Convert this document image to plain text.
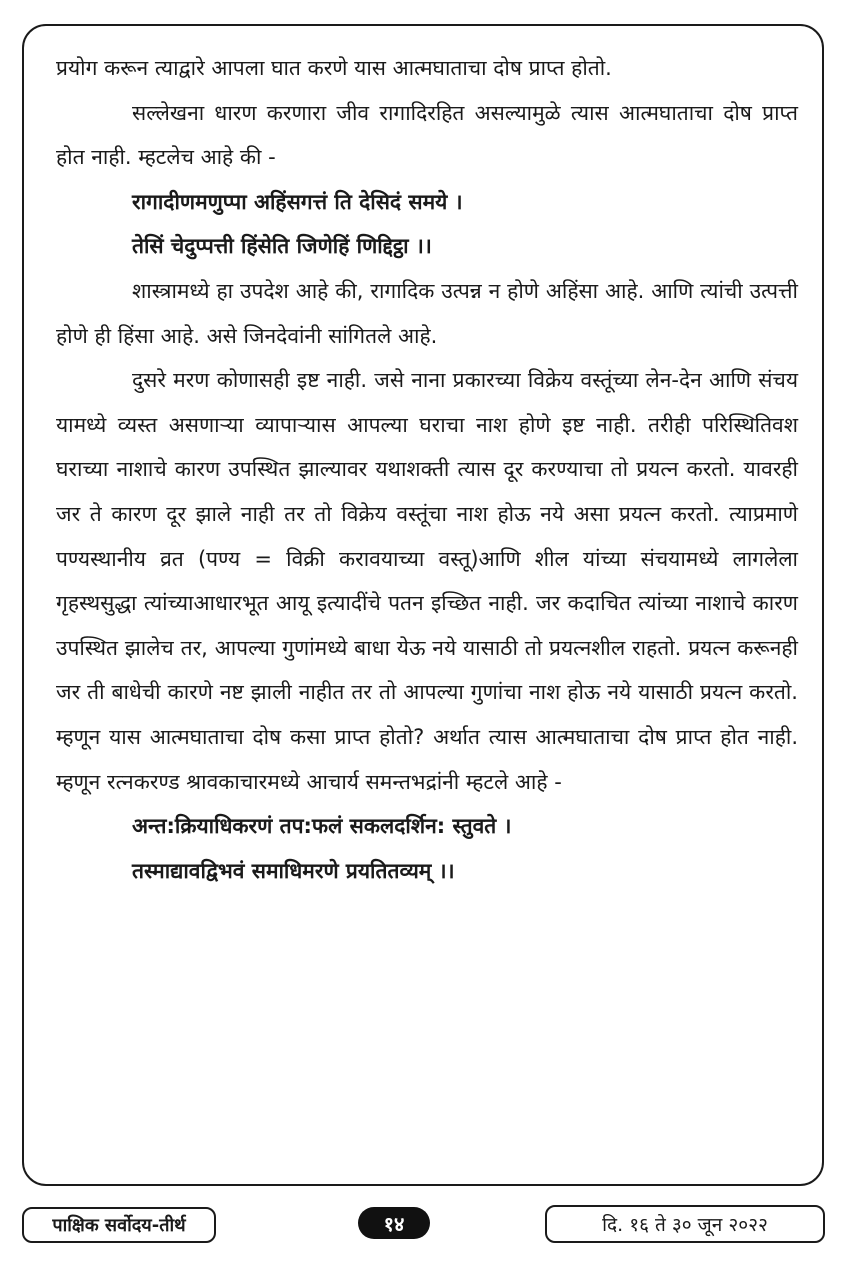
प्रयोग करून त्याद्वारे आपला घात करणे यास आत्मघाताचा दोष प्राप्त होतो.

सल्लेखना धारण करणारा जीव रागादिरहित असल्यामुळे त्यास आत्मघाताचा दोष प्राप्त होत नाही. म्हटलेच आहे की -

रागादीणमणुप्पा अहिंसगत्तं ति देसिदं समये ।

तेसिं चेदुप्पत्ती हिंसेति जिणेहिं णिद्दिट्ठा ।।

शास्त्रामध्ये हा उपदेश आहे की, रागादिक उत्पन्न न होणे अहिंसा आहे. आणि त्यांची उत्पत्ती होणे ही हिंसा आहे. असे जिनदेवांनी सांगितले आहे.

दुसरे मरण कोणासही इष्ट नाही. जसे नाना प्रकारच्या विक्रेय वस्तूंच्या लेन-देन आणि संचय यामध्ये व्यस्त असणाऱ्या व्यापाऱ्यास आपल्या घराचा नाश होणे इष्ट नाही. तरीही परिस्थितिवश घराच्या नाशाचे कारण उपस्थित झाल्यावर यथाशक्ती त्यास दूर करण्याचा तो प्रयत्न करतो. यावरही जर ते कारण दूर झाले नाही तर तो विक्रेय वस्तूंचा नाश होऊ नये असा प्रयत्न करतो. त्याप्रमाणे पण्यस्थानीय व्रत (पण्य = विक्री करावयाच्या वस्तू)आणि शील यांच्या संचयामध्ये लागलेला गृहस्थसुद्धा त्यांच्याआधारभूत आयू इत्यादींचे पतन इच्छित नाही. जर कदाचित त्यांच्या नाशाचे कारण उपस्थित झालेच तर, आपल्या गुणांमध्ये बाधा येऊ नये यासाठी तो प्रयत्नशील राहतो. प्रयत्न करूनही जर ती बाधेची कारणे नष्ट झाली नाहीत तर तो आपल्या गुणांचा नाश होऊ नये यासाठी प्रयत्न करतो. म्हणून यास आत्मघाताचा दोष कसा प्राप्त होतो? अर्थात त्यास आत्मघाताचा दोष प्राप्त होत नाही. म्हणून रत्नकरण्ड श्रावकाचारमध्ये आचार्य समन्तभद्रांनी म्हटले आहे -

अन्त:क्रियाधिकरणं तप:फलं सकलदर्शिन: स्तुवते ।

तस्माद्यावद्विभवं समाधिमरणे प्रयतितव्यम् ।।

पाक्षिक सर्वोदय-तीर्थ	१४	दि. १६ ते ३० जून २०२२
